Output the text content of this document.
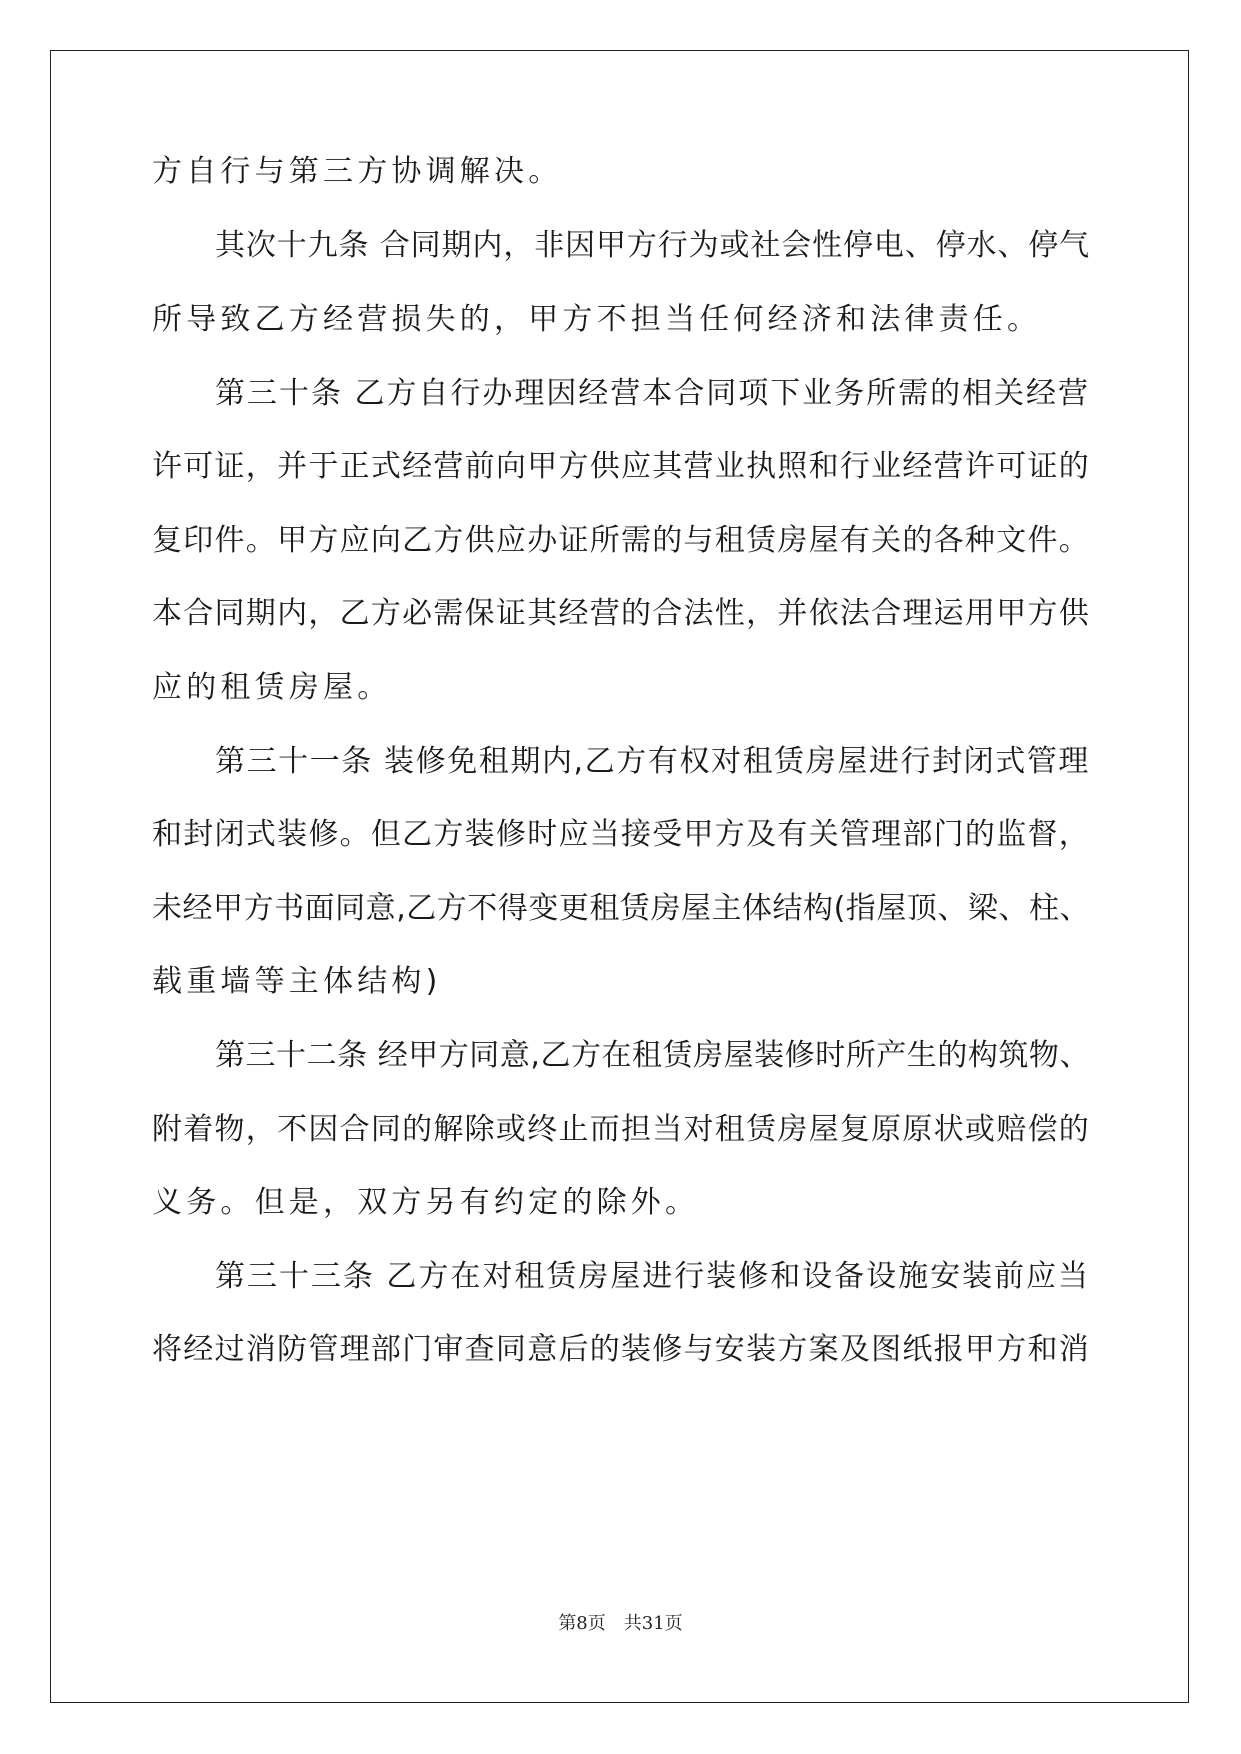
方自行与第三方协调解决。
其次十九条 合同期内，非因甲方行为或社会性停电、停水、停气
所导致乙方经营损失的，甲方不担当任何经济和法律责任。
第三十条 乙方自行办理因经营本合同项下业务所需的相关经营
许可证，并于正式经营前向甲方供应其营业执照和行业经营许可证的
复印件。甲方应向乙方供应办证所需的与租赁房屋有关的各种文件。
本合同期内，乙方必需保证其经营的合法性，并依法合理运用甲方供
应的租赁房屋。
第三十一条 装修免租期内,乙方有权对租赁房屋进行封闭式管理
和封闭式装修。但乙方装修时应当接受甲方及有关管理部门的监督，
未经甲方书面同意,乙方不得变更租赁房屋主体结构(指屋顶、梁、柱、
载重墙等主体结构)
第三十二条 经甲方同意,乙方在租赁房屋装修时所产生的构筑物、
附着物，不因合同的解除或终止而担当对租赁房屋复原原状或赔偿的
义务。但是，双方另有约定的除外。
第三十三条 乙方在对租赁房屋进行装修和设备设施安装前应当
将经过消防管理部门审查同意后的装修与安装方案及图纸报甲方和消
第8页 共31页
